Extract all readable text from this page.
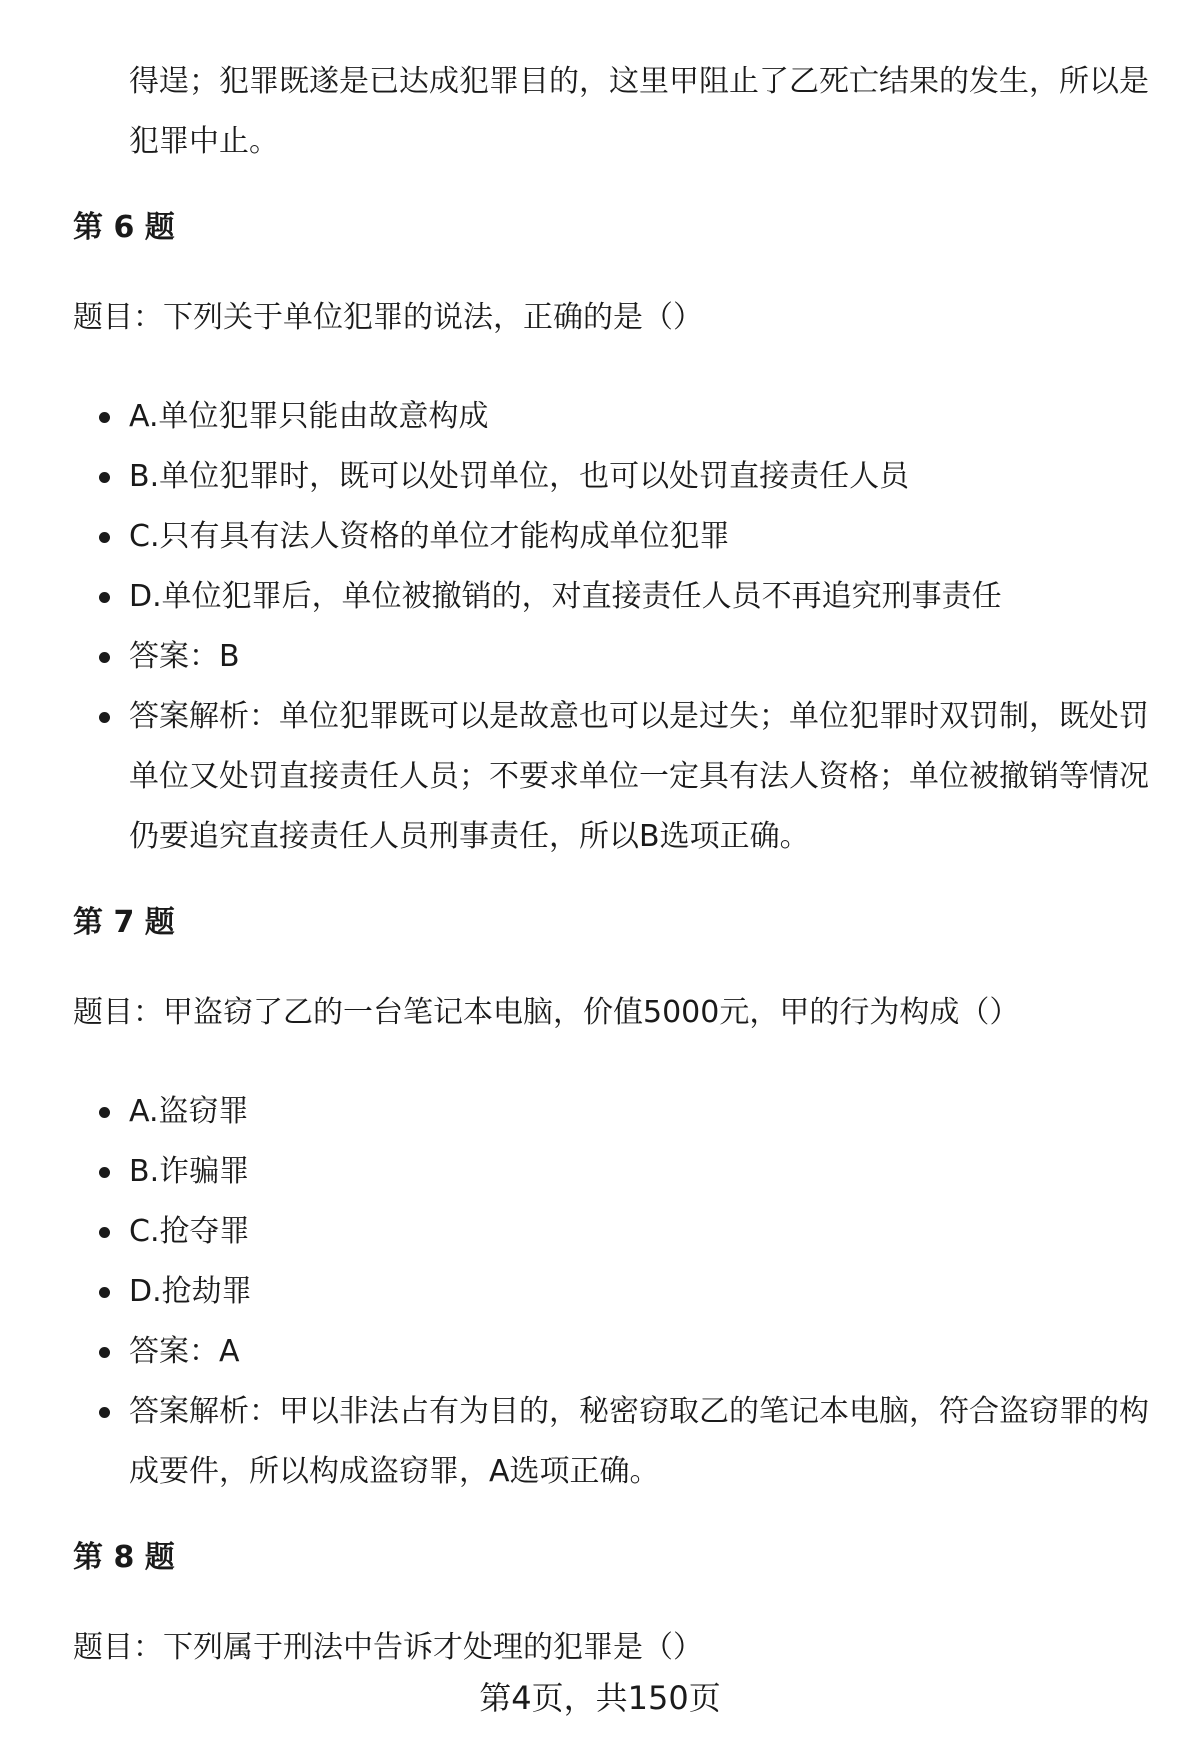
得逞；犯罪既遂是已达成犯罪目的，这里甲阻止了乙死亡结果的发生，所以是
犯罪中止。
第 6 题
题目：下列关于单位犯罪的说法，正确的是（）
A.单位犯罪只能由故意构成
B.单位犯罪时，既可以处罚单位，也可以处罚直接责任人员
C.只有具有法人资格的单位才能构成单位犯罪
D.单位犯罪后，单位被撤销的，对直接责任人员不再追究刑事责任
答案：B
答案解析：单位犯罪既可以是故意也可以是过失；单位犯罪时双罚制，既处罚
单位又处罚直接责任人员；不要求单位一定具有法人资格；单位被撤销等情况
仍要追究直接责任人员刑事责任，所以B选项正确。
第 7 题
题目：甲盗窃了乙的一台笔记本电脑，价值5000元，甲的行为构成（）
A.盗窃罪
B.诈骗罪
C.抢夺罪
D.抢劫罪
答案：A
答案解析：甲以非法占有为目的，秘密窃取乙的笔记本电脑，符合盗窃罪的构
成要件，所以构成盗窃罪，A选项正确。
第 8 题
题目：下列属于刑法中告诉才处理的犯罪是（）
第4页，共150页
